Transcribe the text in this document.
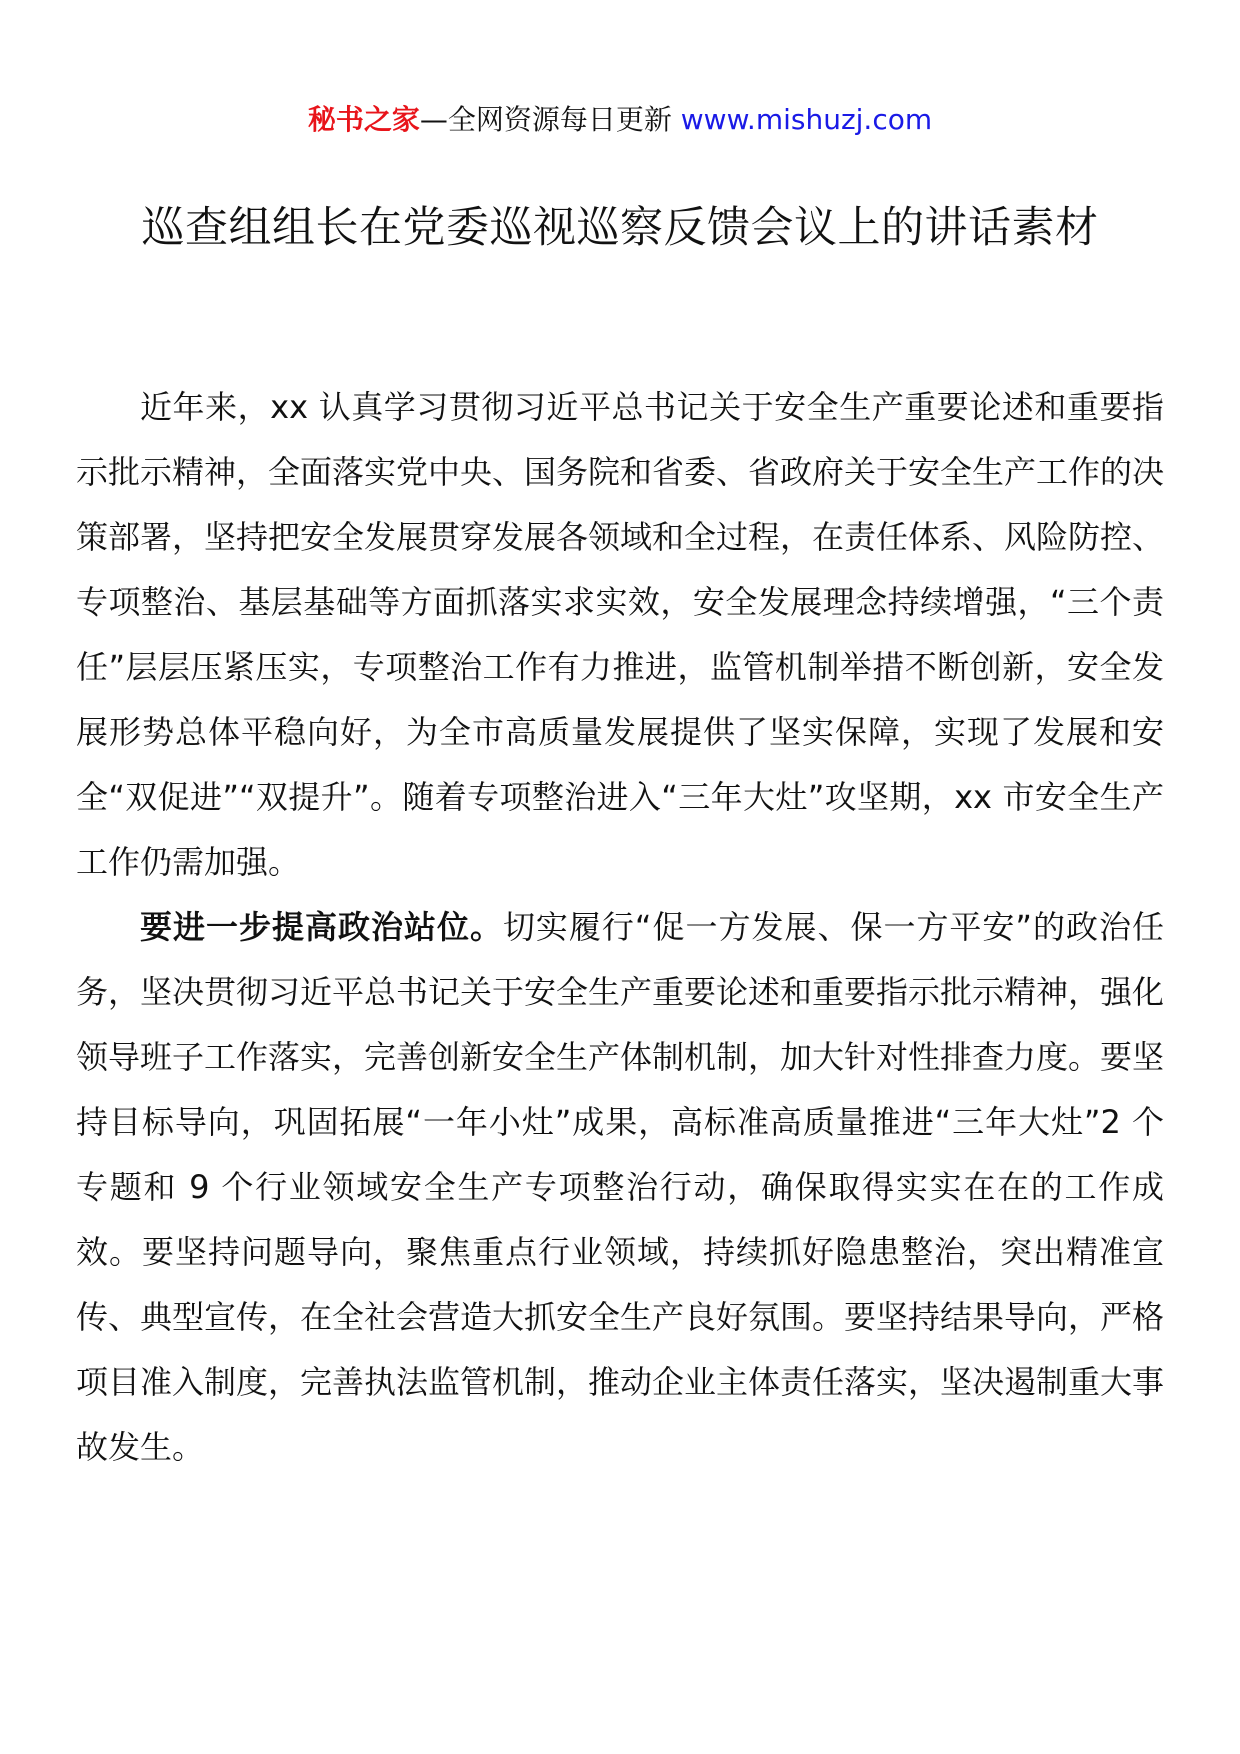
秘书之家—全网资源每日更新 www.mishuzj.com
巡查组组长在党委巡视巡察反馈会议上的讲话素材

近年来，xx 认真学习贯彻习近平总书记关于安全生产重要论述和重要指示批示精神，全面落实党中央、国务院和省委、省政府关于安全生产工作的决策部署，坚持把安全发展贯穿发展各领域和全过程，在责任体系、风险防控、专项整治、基层基础等方面抓落实求实效，安全发展理念持续增强，“三个责任”层层压紧压实，专项整治工作有力推进，监管机制举措不断创新，安全发展形势总体平稳向好，为全市高质量发展提供了坚实保障，实现了发展和安全“双促进”“双提升”。随着专项整治进入“三年大灶”攻坚期，xx 市安全生产工作仍需加强。

要进一步提高政治站位。切实履行“促一方发展、保一方平安”的政治任务，坚决贯彻习近平总书记关于安全生产重要论述和重要指示批示精神，强化领导班子工作落实，完善创新安全生产体制机制，加大针对性排查力度。要坚持目标导向，巩固拓展“一年小灶”成果，高标准高质量推进“三年大灶”2 个专题和 9 个行业领域安全生产专项整治行动，确保取得实实在在的工作成效。要坚持问题导向，聚焦重点行业领域，持续抓好隐患整治，突出精准宣传、典型宣传，在全社会营造大抓安全生产良好氛围。要坚持结果导向，严格项目准入制度，完善执法监管机制，推动企业主体责任落实，坚决遏制重大事故发生。
